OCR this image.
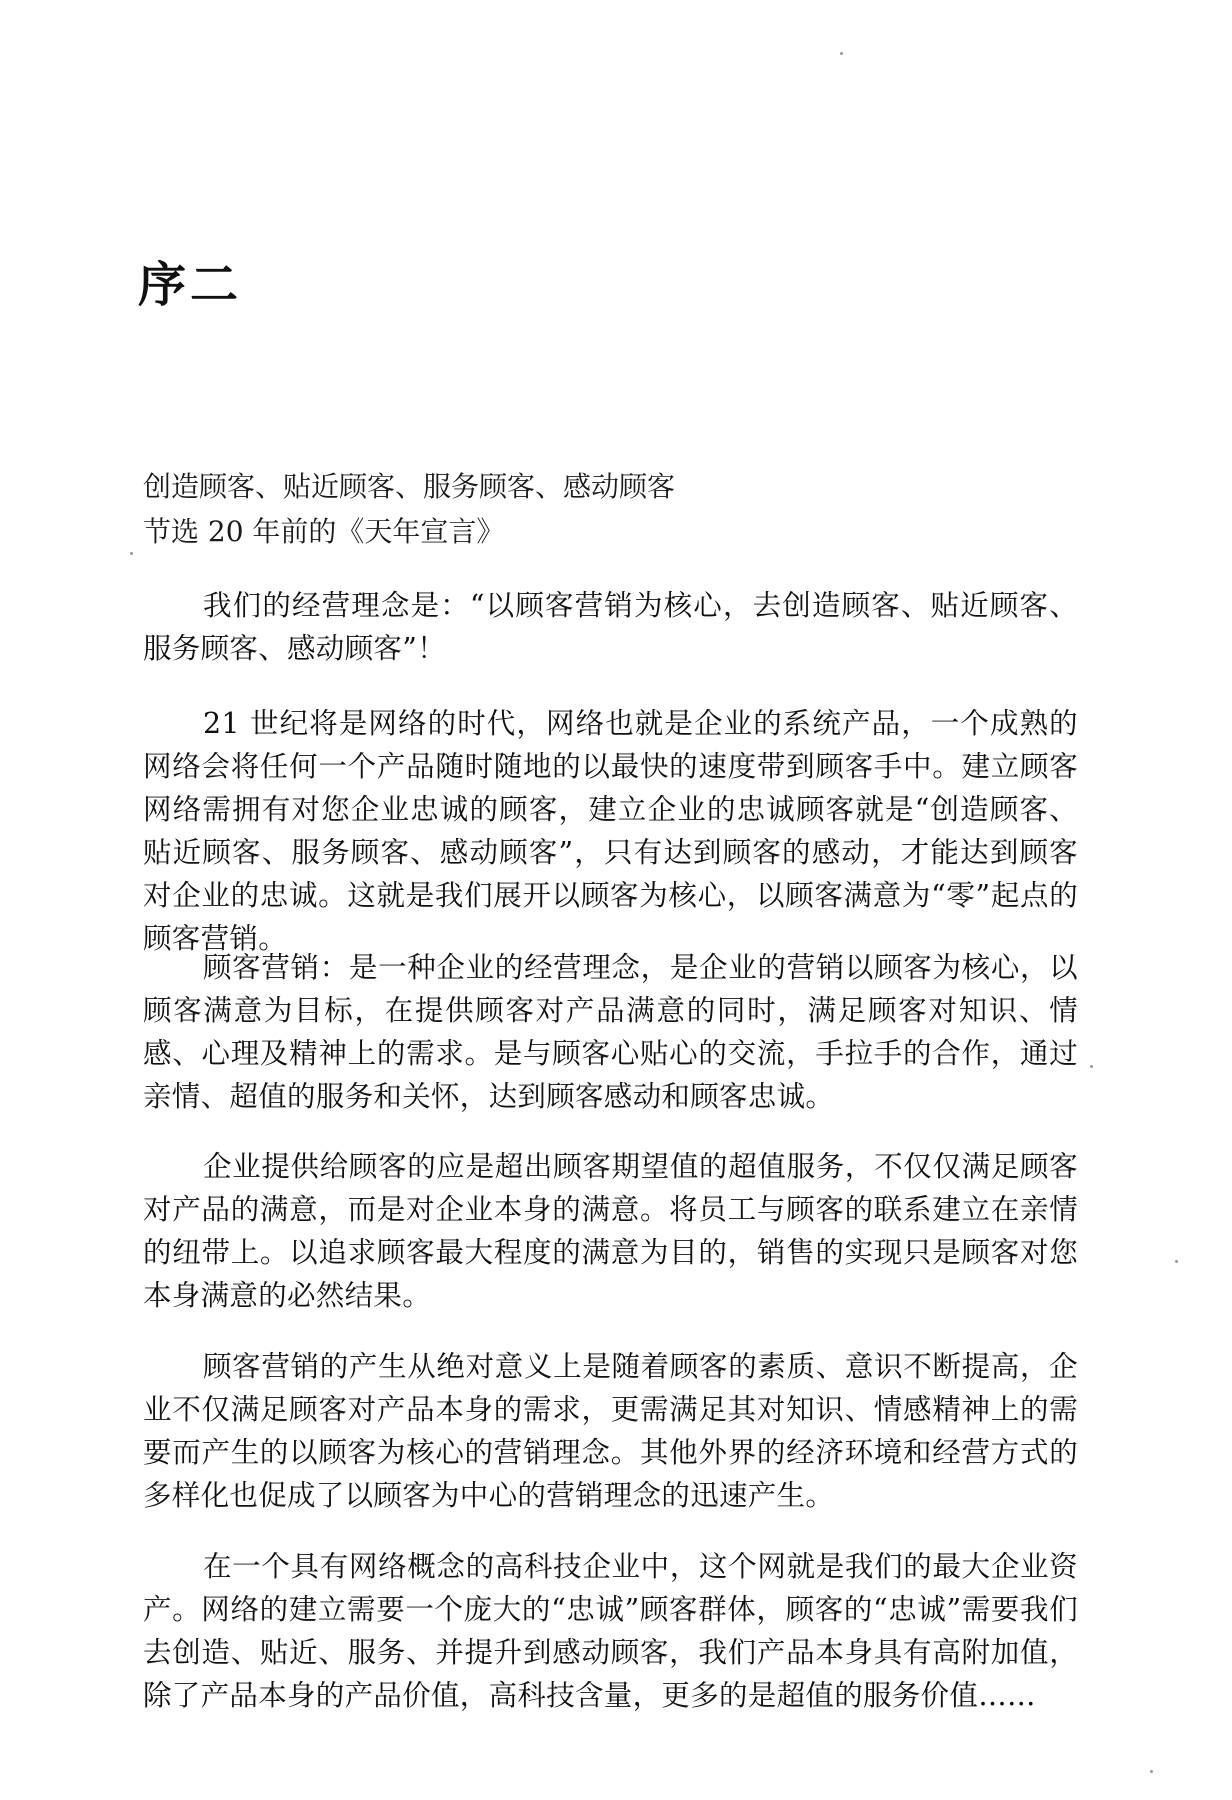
序二
创造顾客、贴近顾客、服务顾客、感动顾客
节选 20 年前的《天年宣言》

我们的经营理念是：“以顾客营销为核心，去创造顾客、贴近顾客、服务顾客、感动顾客”！

21 世纪将是网络的时代，网络也就是企业的系统产品，一个成熟的网络会将任何一个产品随时随地的以最快的速度带到顾客手中。建立顾客网络需拥有对您企业忠诚的顾客，建立企业的忠诚顾客就是“创造顾客、贴近顾客、服务顾客、感动顾客”，只有达到顾客的感动，才能达到顾客对企业的忠诚。这就是我们展开以顾客为核心，以顾客满意为“零”起点的顾客营销。

顾客营销：是一种企业的经营理念，是企业的营销以顾客为核心，以顾客满意为目标，在提供顾客对产品满意的同时，满足顾客对知识、情感、心理及精神上的需求。是与顾客心贴心的交流，手拉手的合作，通过亲情、超值的服务和关怀，达到顾客感动和顾客忠诚。

企业提供给顾客的应是超出顾客期望值的超值服务，不仅仅满足顾客对产品的满意，而是对企业本身的满意。将员工与顾客的联系建立在亲情的纽带上。以追求顾客最大程度的满意为目的，销售的实现只是顾客对您本身满意的必然结果。

顾客营销的产生从绝对意义上是随着顾客的素质、意识不断提高，企业不仅满足顾客对产品本身的需求，更需满足其对知识、情感精神上的需要而产生的以顾客为核心的营销理念。其他外界的经济环境和经营方式的多样化也促成了以顾客为中心的营销理念的迅速产生。

在一个具有网络概念的高科技企业中，这个网就是我们的最大企业资产。网络的建立需要一个庞大的“忠诚”顾客群体，顾客的“忠诚”需要我们去创造、贴近、服务、并提升到感动顾客，我们产品本身具有高附加值，除了产品本身的产品价值，高科技含量，更多的是超值的服务价值……
